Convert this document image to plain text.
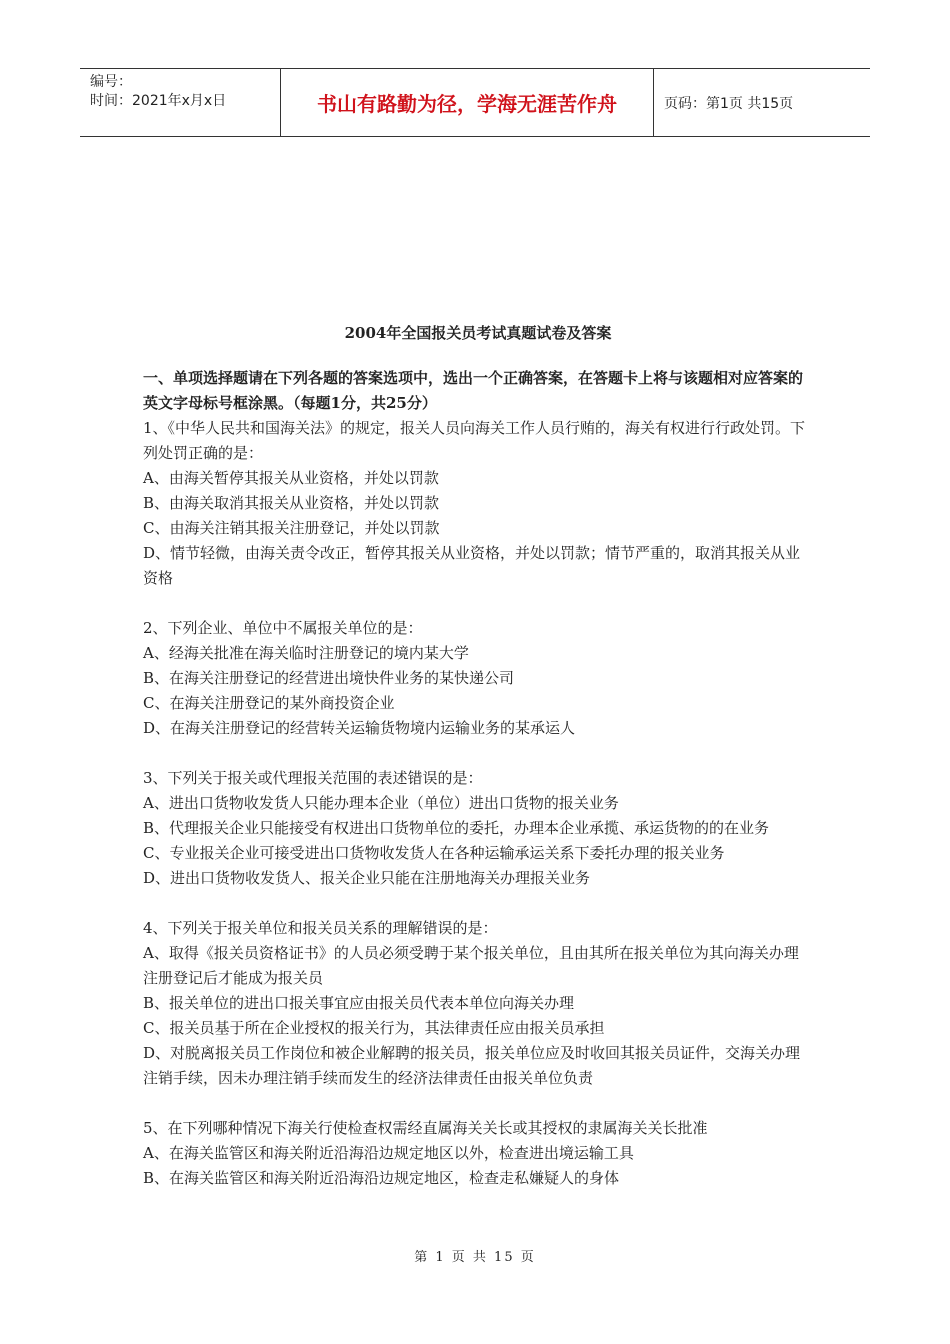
编号：
时间：2021年x月x日	书山有路勤为径，学海无涯苦作舟	页码：第1页 共15页
2004年全国报关员考试真题试卷及答案

一、单项选择题请在下列各题的答案选项中，选出一个正确答案，在答题卡上将与该题相对应答案的英文字母标号框涂黑。（每题1分，共25分）

1、《中华人民共和国海关法》的规定，报关人员向海关工作人员行贿的，海关有权进行行政处罚。下列处罚正确的是：

A、由海关暂停其报关从业资格，并处以罚款

B、由海关取消其报关从业资格，并处以罚款

C、由海关注销其报关注册登记，并处以罚款

D、情节轻微，由海关责令改正，暂停其报关从业资格，并处以罚款；情节严重的，取消其报关从业资格

2、下列企业、单位中不属报关单位的是：

A、经海关批准在海关临时注册登记的境内某大学

B、在海关注册登记的经营进出境快件业务的某快递公司

C、在海关注册登记的某外商投资企业

D、在海关注册登记的经营转关运输货物境内运输业务的某承运人

3、下列关于报关或代理报关范围的表述错误的是：

A、进出口货物收发货人只能办理本企业（单位）进出口货物的报关业务

B、代理报关企业只能接受有权进出口货物单位的委托，办理本企业承揽、承运货物的的在业务

C、专业报关企业可接受进出口货物收发货人在各种运输承运关系下委托办理的报关业务

D、进出口货物收发货人、报关企业只能在注册地海关办理报关业务

4、下列关于报关单位和报关员关系的理解错误的是：

A、取得《报关员资格证书》的人员必须受聘于某个报关单位，且由其所在报关单位为其向海关办理注册登记后才能成为报关员

B、报关单位的进出口报关事宜应由报关员代表本单位向海关办理

C、报关员基于所在企业授权的报关行为，其法律责任应由报关员承担

D、对脱离报关员工作岗位和被企业解聘的报关员，报关单位应及时收回其报关员证件，交海关办理注销手续，因未办理注销手续而发生的经济法律责任由报关单位负责

5、在下列哪种情况下海关行使检查权需经直属海关关长或其授权的隶属海关关长批准

A、在海关监管区和海关附近沿海沿边规定地区以外，检查进出境运输工具

B、在海关监管区和海关附近沿海沿边规定地区，检查走私嫌疑人的身体

第 1 页 共 15 页
